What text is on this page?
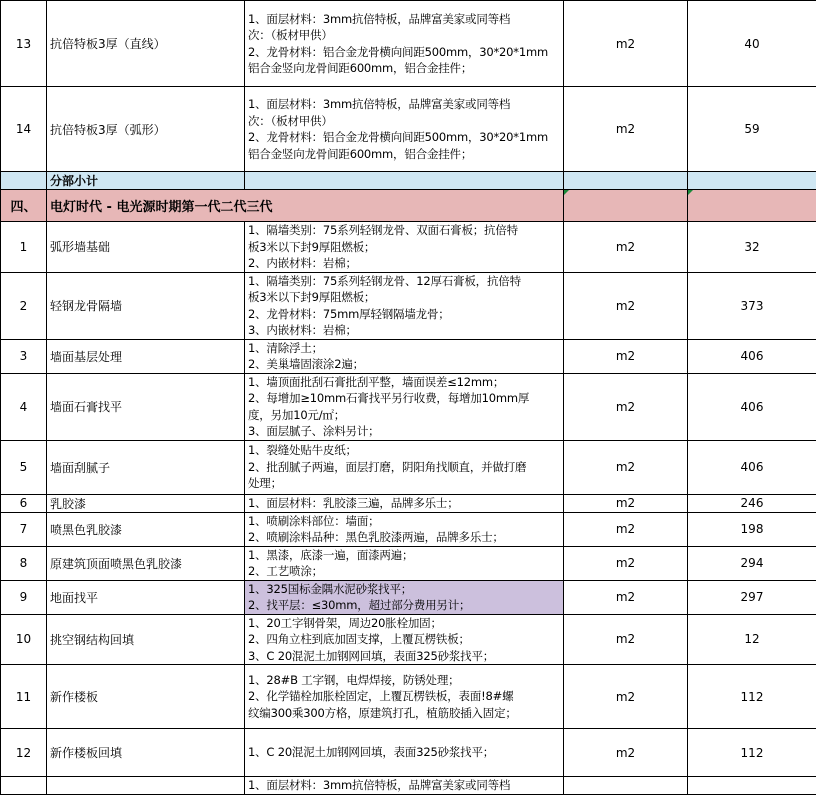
13	抗倍特板3厚（直线）	1、面层材料：3mm抗倍特板，品牌富美家或同等档
次：（板材甲供）
2、龙骨材料：铝合金龙骨横向间距500mm，30*20*1mm
铝合金竖向龙骨间距600mm，铝合金挂件；	m2	40
14	抗倍特板3厚（弧形）	1、面层材料：3mm抗倍特板，品牌富美家或同等档
次：（板材甲供）
2、龙骨材料：铝合金龙骨横向间距500mm，30*20*1mm
铝合金竖向龙骨间距600mm，铝合金挂件；	m2	59
	分部小计			
四、	电灯时代 - 电光源时期第一代二代三代			
1	弧形墙基础	1、隔墙类别：75系列轻钢龙骨、双面石膏板；抗倍特
板3米以下封9厚阻燃板；
2、内嵌材料：岩棉；	m2	32
2	轻钢龙骨隔墙	1、隔墙类别：75系列轻钢龙骨、12厚石膏板，抗倍特
板3米以下封9厚阻燃板；
2、龙骨材料：75mm厚轻钢隔墙龙骨；
3、内嵌材料：岩棉；	m2	373
3	墙面基层处理	1、清除浮土；
2、美巢墙固滚涂2遍；	m2	406
4	墙面石膏找平	1、墙顶面批刮石膏批刮平整，墙面误差≤12mm；
2、每增加≥10mm石膏找平另行收费，每增加10mm厚
度，另加10元/㎡；
3、面层腻子、涂料另计；	m2	406
5	墙面刮腻子	1、裂缝处贴牛皮纸；
2、批刮腻子两遍，面层打磨，阴阳角找顺直，并做打磨
处理；	m2	406
6	乳胶漆	1、面层材料：乳胶漆三遍，品牌多乐士；	m2	246
7	喷黑色乳胶漆	1、喷刷涂料部位：墙面；
2、喷刷涂料品种：黑色乳胶漆两遍，品牌多乐士；	m2	198
8	原建筑顶面喷黑色乳胶漆	1、黑漆，底漆一遍，面漆两遍；
2、工艺喷涂；	m2	294
9	地面找平	1、325国标金隅水泥砂浆找平；
2、找平层：≤30mm，超过部分费用另计；	m2	297
10	挑空钢结构回填	1、20工字钢骨架，周边20胀栓加固；
2、四角立柱到底加固支撑，上覆瓦楞铁板；
3、C 20混泥土加钢网回填，表面325砂浆找平；	m2	12
11	新作楼板	1、28#B 工字钢，电焊焊接，防锈处理；
2、化学锚栓加胀栓固定，上覆瓦楞铁板，表面!8#螺
纹编300乘300方格，原建筑打孔，植筋胶插入固定；	m2	112
12	新作楼板回填	1、C 20混泥土加钢网回填，表面325砂浆找平；	m2	112
		1、面层材料：3mm抗倍特板，品牌富美家或同等档		
